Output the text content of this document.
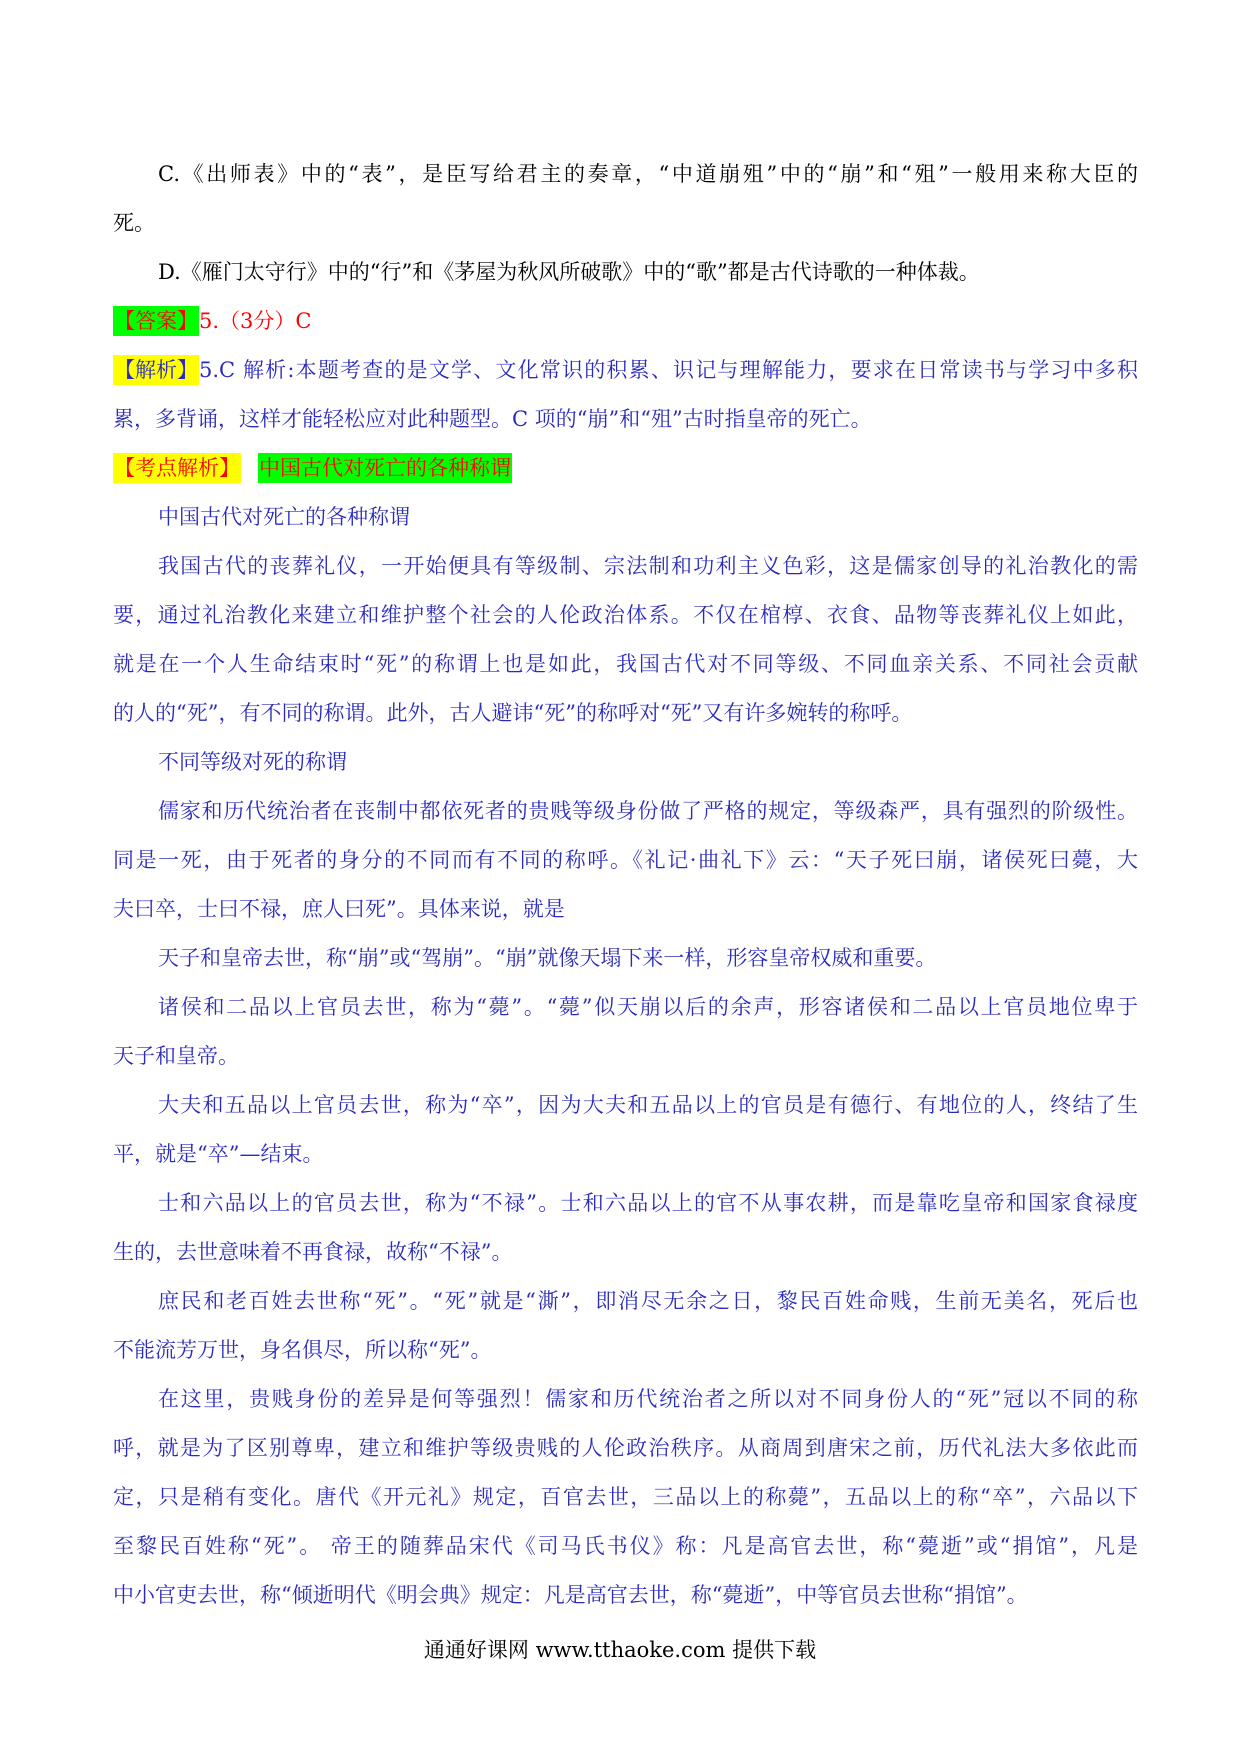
C.《出师表》中的“表”，是臣写给君主的奏章，“中道崩殂”中的“崩”和“殂”一般用来称大臣的
死。
D.《雁门太守行》中的“行”和《茅屋为秋风所破歌》中的“歌”都是古代诗歌的一种体裁。
【答案】5.（3分）C
【解析】5.C 解析:本题考查的是文学、文化常识的积累、识记与理解能力，要求在日常读书与学习中多积
累，多背诵，这样才能轻松应对此种题型。C 项的“崩”和“殂”古时指皇帝的死亡。
【考点解析】 中国古代对死亡的各种称谓
中国古代对死亡的各种称谓
我国古代的丧葬礼仪，一开始便具有等级制、宗法制和功利主义色彩，这是儒家创导的礼治教化的需
要，通过礼治教化来建立和维护整个社会的人伦政治体系。不仅在棺椁、衣食、品物等丧葬礼仪上如此，
就是在一个人生命结束时“死”的称谓上也是如此，我国古代对不同等级、不同血亲关系、不同社会贡献
的人的“死”，有不同的称谓。此外，古人避讳“死”的称呼对“死”又有许多婉转的称呼。
不同等级对死的称谓
儒家和历代统治者在丧制中都依死者的贵贱等级身份做了严格的规定，等级森严，具有强烈的阶级性。
同是一死，由于死者的身分的不同而有不同的称呼。《礼记·曲礼下》云：“天子死曰崩，诸侯死曰薨，大
夫曰卒，士曰不禄，庶人曰死”。具体来说，就是
天子和皇帝去世，称“崩”或“驾崩”。“崩”就像天塌下来一样，形容皇帝权威和重要。
诸侯和二品以上官员去世，称为“薨”。“薨”似天崩以后的余声，形容诸侯和二品以上官员地位卑于
天子和皇帝。
大夫和五品以上官员去世，称为“卒”，因为大夫和五品以上的官员是有德行、有地位的人，终结了生
平，就是“卒”—结束。
士和六品以上的官员去世，称为“不禄”。士和六品以上的官不从事农耕，而是靠吃皇帝和国家食禄度
生的，去世意味着不再食禄，故称“不禄”。
庶民和老百姓去世称“死”。“死”就是“澌”，即消尽无余之日，黎民百姓命贱，生前无美名，死后也
不能流芳万世，身名俱尽，所以称“死”。
在这里，贵贱身份的差异是何等强烈！儒家和历代统治者之所以对不同身份人的“死”冠以不同的称
呼，就是为了区别尊卑，建立和维护等级贵贱的人伦政治秩序。从商周到唐宋之前，历代礼法大多依此而
定，只是稍有变化。唐代《开元礼》规定，百官去世，三品以上的称薨”，五品以上的称“卒”，六品以下
至黎民百姓称“死”。 帝王的随葬品宋代《司马氏书仪》称：凡是高官去世，称“薨逝”或“捐馆”，凡是
中小官吏去世，称“倾逝明代《明会典》规定：凡是高官去世，称“薨逝”，中等官员去世称“捐馆”。
通通好课网 www.tthaoke.com 提供下载
